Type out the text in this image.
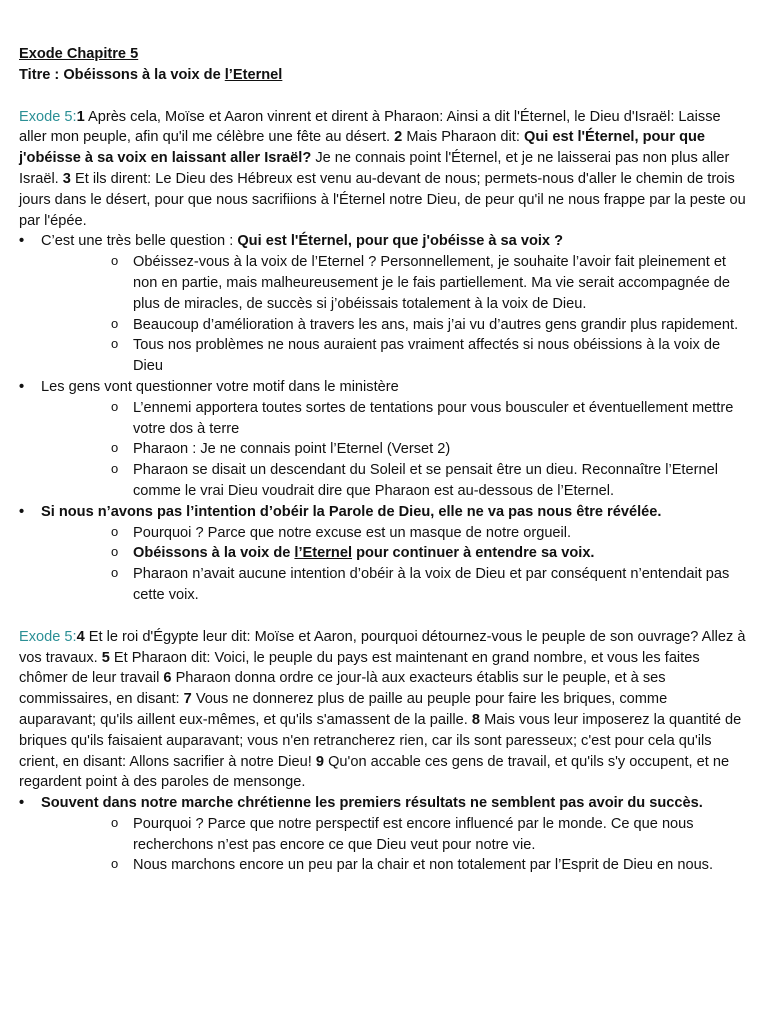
Exode Chapitre 5

Titre : Obéissons à la voix de l’Eternel

Exode 5:1 Après cela, Moïse et Aaron vinrent et dirent à Pharaon: Ainsi a dit l'Éternel, le Dieu d'Israël: Laisse aller mon peuple, afin qu'il me célèbre une fête au désert. 2 Mais Pharaon dit: Qui est l'Éternel, pour que j'obéisse à sa voix en laissant aller Israël? Je ne connais point l'Éternel, et je ne laisserai pas non plus aller Israël. 3 Et ils dirent: Le Dieu des Hébreux est venu au-devant de nous; permets-nous d'aller le chemin de trois jours dans le désert, pour que nous sacrifiions à l'Éternel notre Dieu, de peur qu'il ne nous frappe par la peste ou par l'épée.

• C’est une très belle question : Qui est l'Éternel, pour que j'obéisse à sa voix ?
o Obéissez-vous à la voix de l’Eternel ? Personnellement, je souhaite l’avoir fait pleinement et non en partie, mais malheureusement je le fais partiellement. Ma vie serait accompagnée de plus de miracles, de succès si j’obéissais totalement à la voix de Dieu.
o Beaucoup d’amélioration à travers les ans, mais j’ai vu d’autres gens grandir plus rapidement.
o Tous nos problèmes ne nous auraient pas vraiment affectés si nous obéissions à la voix de Dieu
• Les gens vont questionner votre motif dans le ministère
o L’ennemi apportera toutes sortes de tentations pour vous bousculer et éventuellement mettre votre dos à terre
o Pharaon : Je ne connais point l’Eternel (Verset 2)
o Pharaon se disait un descendant du Soleil et se pensait être un dieu. Reconnaître l’Eternel comme le vrai Dieu voudrait dire que Pharaon est au-dessous de l’Eternel.
• Si nous n’avons pas l’intention d’obéir la Parole de Dieu, elle ne va pas nous être révélée.
o Pourquoi ? Parce que notre excuse est un masque de notre orgueil.
o Obéissons à la voix de l’Eternel pour continuer à entendre sa voix.
o Pharaon n’avait aucune intention d’obéir à la voix de Dieu et par conséquent n’entendait pas cette voix.

Exode 5:4 Et le roi d'Égypte leur dit: Moïse et Aaron, pourquoi détournez-vous le peuple de son ouvrage? Allez à vos travaux. 5 Et Pharaon dit: Voici, le peuple du pays est maintenant en grand nombre, et vous les faites chômer de leur travail 6 Pharaon donna ordre ce jour-là aux exacteurs établis sur le peuple, et à ses commissaires, en disant: 7 Vous ne donnerez plus de paille au peuple pour faire les briques, comme auparavant; qu'ils aillent eux-mêmes, et qu'ils s'amassent de la paille. 8 Mais vous leur imposerez la quantité de briques qu'ils faisaient auparavant; vous n'en retrancherez rien, car ils sont paresseux; c'est pour cela qu'ils crient, en disant: Allons sacrifier à notre Dieu! 9 Qu'on accable ces gens de travail, et qu'ils s'y occupent, et ne regardent point à des paroles de mensonge.

• Souvent dans notre marche chrétienne les premiers résultats ne semblent pas avoir du succès.
o Pourquoi ? Parce que notre perspectif est encore influencé par le monde. Ce que nous recherchons n’est pas encore ce que Dieu veut pour notre vie.
o Nous marchons encore un peu par la chair et non totalement par l’Esprit de Dieu en nous.
